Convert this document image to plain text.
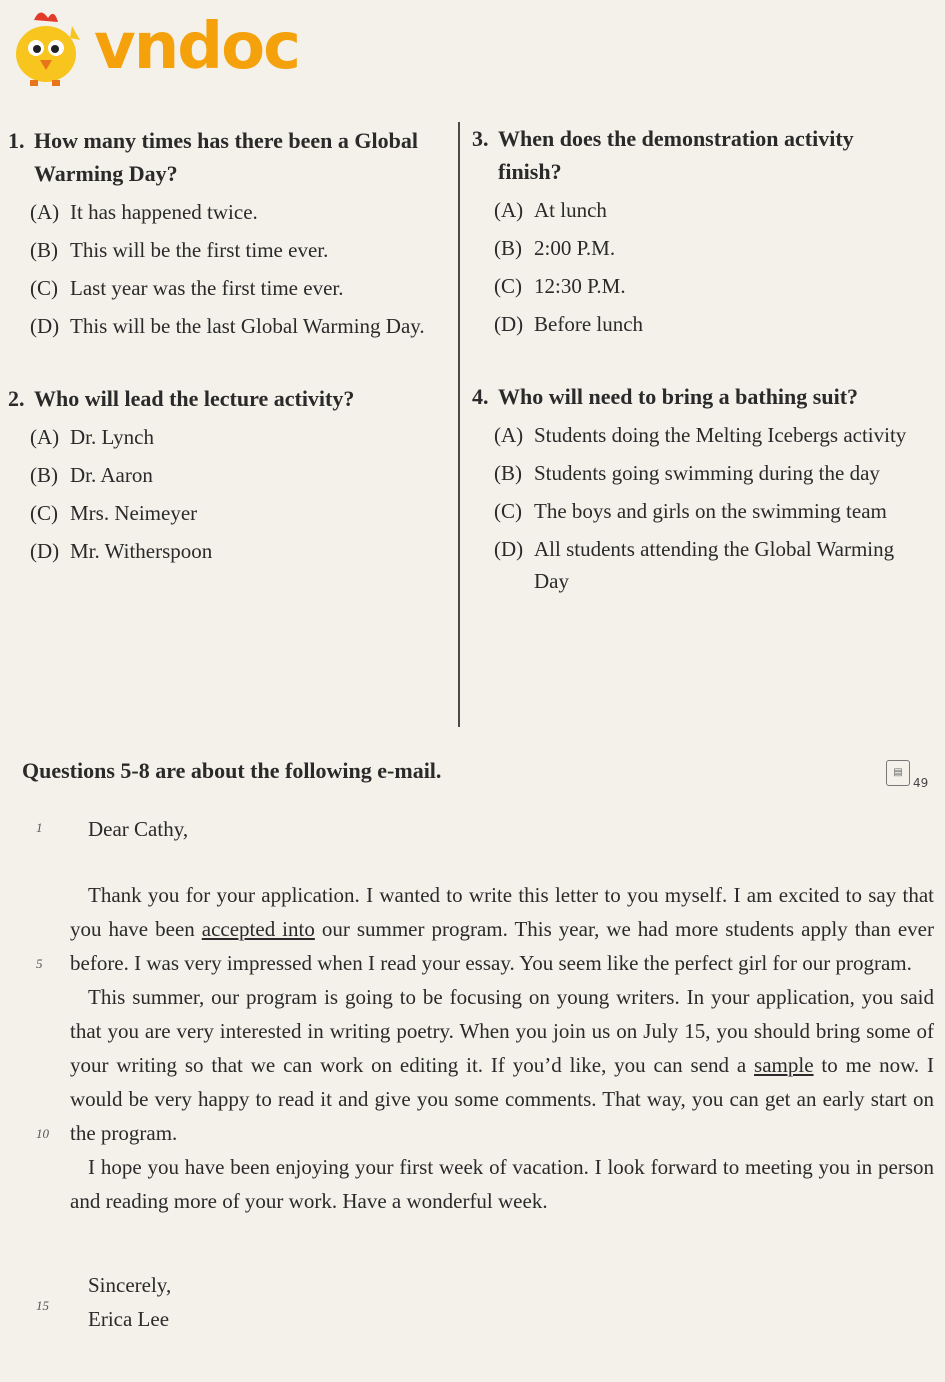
vndoc
1. How many times has there been a Global Warming Day?
(A) It has happened twice.
(B) This will be the first time ever.
(C) Last year was the first time ever.
(D) This will be the last Global Warming Day.
2. Who will lead the lecture activity?
(A) Dr. Lynch
(B) Dr. Aaron
(C) Mrs. Neimeyer
(D) Mr. Witherspoon
3. When does the demonstration activity finish?
(A) At lunch
(B) 2:00 P.M.
(C) 12:30 P.M.
(D) Before lunch
4. Who will need to bring a bathing suit?
(A) Students doing the Melting Icebergs activity
(B) Students going swimming during the day
(C) The boys and girls on the swimming team
(D) All students attending the Global Warming Day
Questions 5-8 are about the following e-mail.	▤
49
1
5
10
15
Dear Cathy,
Thank you for your application. I wanted to write this letter to you myself. I am excited to say that you have been accepted into our summer program. This year, we had more students apply than ever before. I was very impressed when I read your essay. You seem like the perfect girl for our program.
This summer, our program is going to be focusing on young writers. In your application, you said that you are very interested in writing poetry. When you join us on July 15, you should bring some of your writing so that we can work on editing it. If you’d like, you can send a sample to me now. I would be very happy to read it and give you some comments. That way, you can get an early start on the program.
I hope you have been enjoying your first week of vacation. I look forward to meeting you in person and reading more of your work. Have a wonderful week.
Sincerely,
Erica Lee
